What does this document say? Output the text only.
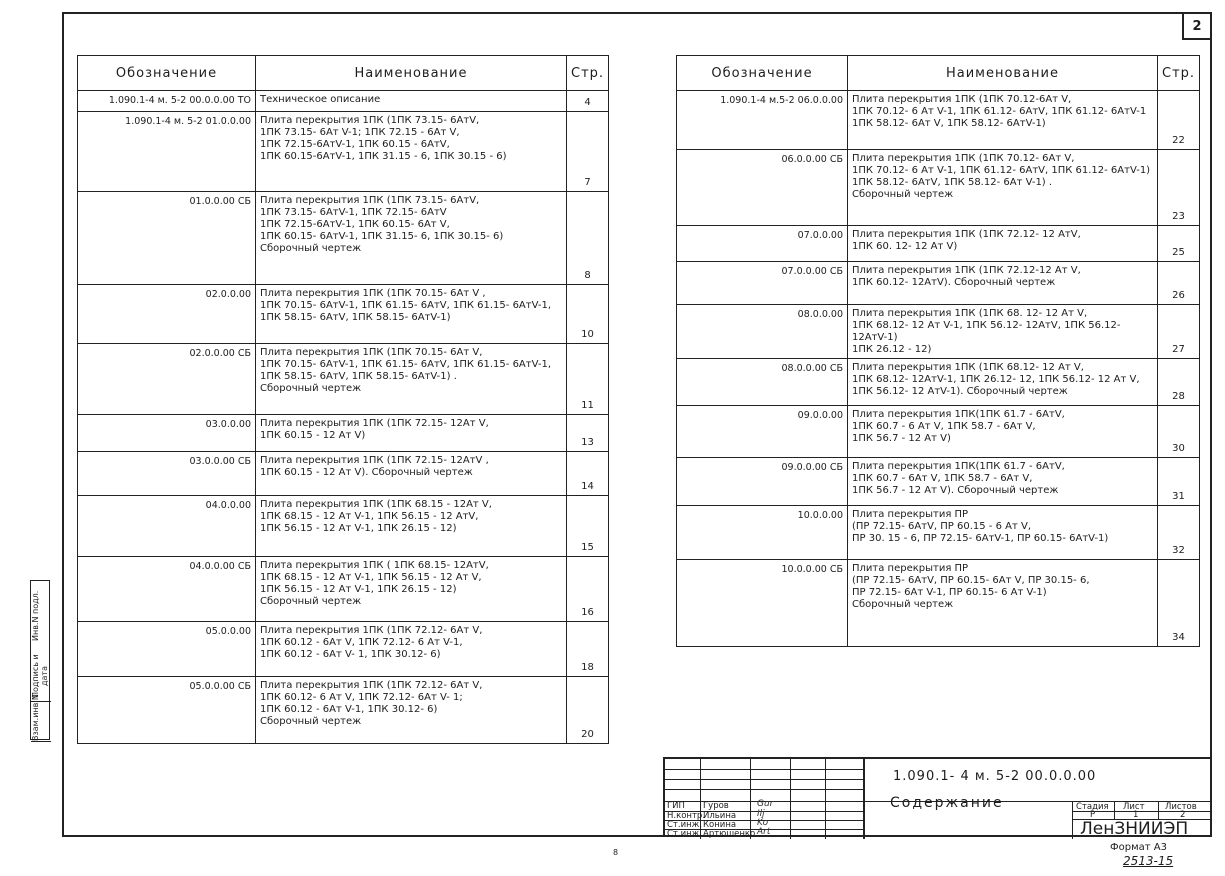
2
Инв.N подл.
Подпись и дата
Взам.инв.N
Обозначение	Наименование	Стр.
1.090.1-4 м. 5-2 00.0.0.00 ТО	Техническое описание	4
1.090.1-4 м. 5-2 01.0.0.00	Плита перекрытия 1ПК (1ПК 73.15- 6АтV,
1ПК 73.15- 6Ат V-1; 1ПК 72.15 - 6Ат V,
1ПК 72.15-6АтV-1, 1ПК 60.15 - 6АтV,
1ПК 60.15-6АтV-1, 1ПК 31.15 - 6, 1ПК 30.15 - 6)	7
01.0.0.00 СБ	Плита перекрытия 1ПК (1ПК 73.15- 6АтV,
1ПК 73.15- 6АтV-1, 1ПК 72.15- 6АтV
1ПК 72.15-6АтV-1, 1ПК 60.15- 6Ат V,
1ПК 60.15- 6АтV-1, 1ПК 31.15- 6, 1ПК 30.15- 6)
Сборочный чертеж	8
02.0.0.00	Плита перекрытия 1ПК (1ПК 70.15- 6Ат V ,
1ПК 70.15- 6АтV-1, 1ПК 61.15- 6АтV, 1ПК 61.15- 6АтV-1,
1ПК 58.15- 6АтV, 1ПК 58.15- 6АтV-1)	10
02.0.0.00 СБ	Плита перекрытия 1ПК (1ПК 70.15- 6Ат V,
1ПК 70.15- 6АтV-1, 1ПК 61.15- 6АтV, 1ПК 61.15- 6АтV-1,
1ПК 58.15- 6АтV, 1ПК 58.15- 6АтV-1) .
Сборочный чертеж	11
03.0.0.00	Плита перекрытия 1ПК (1ПК 72.15- 12Ат V,
1ПК 60.15 - 12 Ат V)	13
03.0.0.00 СБ	Плита перекрытия 1ПК (1ПК 72.15- 12АтV ,
1ПК 60.15 - 12 Ат V). Сборочный чертеж	14
04.0.0.00	Плита перекрытия 1ПК (1ПК 68.15 - 12Ат V,
1ПК 68.15 - 12 Ат V-1, 1ПК 56.15 - 12 АтV,
1ПК 56.15 - 12 Ат V-1, 1ПК 26.15 - 12)	15
04.0.0.00 СБ	Плита перекрытия 1ПК ( 1ПК 68.15- 12АтV,
1ПК 68.15 - 12 Ат V-1, 1ПК 56.15 - 12 Ат V,
1ПК 56.15 - 12 Ат V-1, 1ПК 26.15 - 12)
Сборочный чертеж	16
05.0.0.00	Плита перекрытия 1ПК (1ПК 72.12- 6Ат V,
1ПК 60.12 - 6Ат V, 1ПК 72.12- 6 Ат V-1,
1ПК 60.12 - 6Ат V- 1, 1ПК 30.12- 6)	18
05.0.0.00 СБ	Плита перекрытия 1ПК (1ПК 72.12- 6Ат V,
1ПК 60.12- 6 Ат V, 1ПК 72.12- 6Ат V- 1;
1ПК 60.12 - 6Ат V-1, 1ПК 30.12- 6)
Сборочный чертеж	20
Обозначение	Наименование	Стр.
1.090.1-4 м.5-2 06.0.0.00	Плита перекрытия 1ПК (1ПК 70.12-6Ат V,
1ПК 70.12- 6 Ат V-1, 1ПК 61.12- 6АтV, 1ПК 61.12- 6АтV-1
1ПК 58.12- 6Ат V, 1ПК 58.12- 6АтV-1)	22
06.0.0.00 СБ	Плита перекрытия 1ПК (1ПК 70.12- 6Ат V,
1ПК 70.12- 6 Ат V-1, 1ПК 61.12- 6АтV, 1ПК 61.12- 6АтV-1)
1ПК 58.12- 6АтV, 1ПК 58.12- 6Ат V-1) .
Сборочный чертеж	23
07.0.0.00	Плита перекрытия 1ПК (1ПК 72.12- 12 АтV,
1ПК 60. 12- 12 Ат V)	25
07.0.0.00 СБ	Плита перекрытия 1ПК (1ПК 72.12-12 Ат V,
1ПК 60.12- 12АтV). Сборочный чертеж	26
08.0.0.00	Плита перекрытия 1ПК (1ПК 68. 12- 12 Ат V,
1ПК 68.12- 12 Ат V-1, 1ПК 56.12- 12АтV, 1ПК 56.12- 12АтV-1)
1ПК 26.12 - 12)	27
08.0.0.00 СБ	Плита перекрытия 1ПК (1ПК 68.12- 12 Ат V,
1ПК 68.12- 12АтV-1, 1ПК 26.12- 12, 1ПК 56.12- 12 Ат V,
1ПК 56.12- 12 АтV-1). Сборочный чертеж	28
09.0.0.00	Плита перекрытия 1ПК(1ПК 61.7 - 6АтV,
1ПК 60.7 - 6 Ат V, 1ПК 58.7 - 6Ат V,
1ПК 56.7 - 12 Ат V)	30
09.0.0.00 СБ	Плита перекрытия 1ПК(1ПК 61.7 - 6АтV,
1ПК 60.7 - 6Ат V, 1ПК 58.7 - 6Ат V,
1ПК 56.7 - 12 Ат V). Сборочный чертеж	31
10.0.0.00	Плита перекрытия ПР
(ПР 72.15- 6АтV, ПР 60.15 - 6 Ат V,
ПР 30. 15 - 6, ПР 72.15- 6АтV-1, ПР 60.15- 6АтV-1)	32
10.0.0.00 СБ	Плита перекрытия ПР
(ПР 72.15- 6АтV, ПР 60.15- 6Ат V, ПР 30.15- 6,
ПР 72.15- 6Ат V-1, ПР 60.15- 6 Ат V-1)
Сборочный чертеж	34
1.090.1- 4 м. 5-2 00.0.0.00
Содержание
ЛенЗНИИЭП
Стадия Лист Листов
Р	1	2
ГИП
Н.контр.
Ст.инж.
Ст.инж.
Гуров
Ильина
Конина
Артюшенко
Gur
Ilj
Ko
Art
Формат А3
2513-15
8
